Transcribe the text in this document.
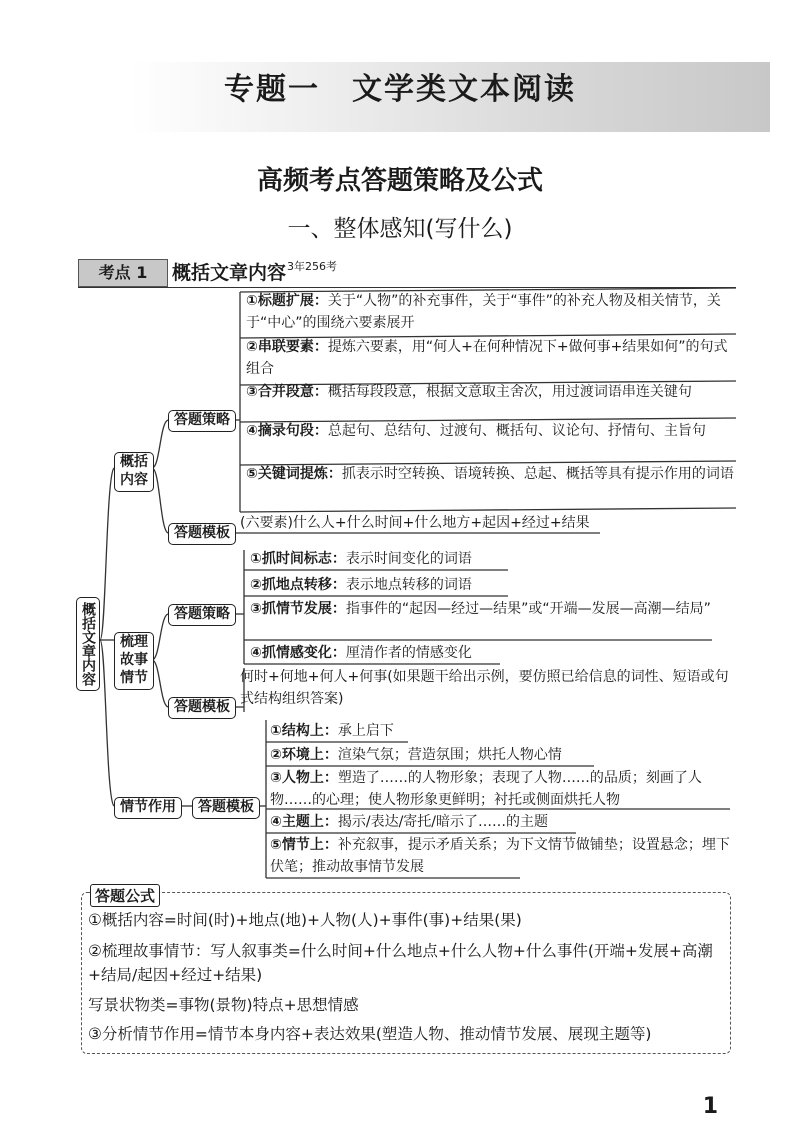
专题一　文学类文本阅读
高频考点答题策略及公式
一、整体感知(写什么)
考点 1	概括文章内容 3年256考
概括文章内容
概括内容
答题策略
答题模板
①标题扩展：关于“人物”的补充事件，关于“事件”的补充人物及相关情节，关于“中心”的围绕六要素展开
②串联要素：提炼六要素，用“何人+在何种情况下+做何事+结果如何”的句式组合
③合并段意：概括每段段意，根据文意取主舍次，用过渡词语串连关键句
④摘录句段：总起句、总结句、过渡句、概括句、议论句、抒情句、主旨句
⑤关键词提炼：抓表示时空转换、语境转换、总起、概括等具有提示作用的词语
(六要素)什么人+什么时间+什么地方+起因+经过+结果
梳理故事情节
答题策略
答题模板
①抓时间标志：表示时间变化的词语
②抓地点转移：表示地点转移的词语
③抓情节发展：指事件的“起因—经过—结果”或“开端—发展—高潮—结局”
④抓情感变化：厘清作者的情感变化
何时+何地+何人+何事(如果题干给出示例，要仿照已给信息的词性、短语或句式结构组织答案)
情节作用	答题模板
①结构上：承上启下
②环境上：渲染气氛；营造氛围；烘托人物心情
③人物上：塑造了……的人物形象；表现了人物……的品质；刻画了人物……的心理；使人物形象更鲜明；衬托或侧面烘托人物
④主题上：揭示/表达/寄托/暗示了……的主题
⑤情节上：补充叙事，提示矛盾关系；为下文情节做铺垫；设置悬念；埋下伏笔；推动故事情节发展
答题公式
①概括内容=时间(时)+地点(地)+人物(人)+事件(事)+结果(果)
②梳理故事情节：写人叙事类=什么时间+什么地点+什么人物+什么事件(开端+发展+高潮+结局/起因+经过+结果)
写景状物类=事物(景物)特点+思想情感
③分析情节作用=情节本身内容+表达效果(塑造人物、推动情节发展、展现主题等)
1
